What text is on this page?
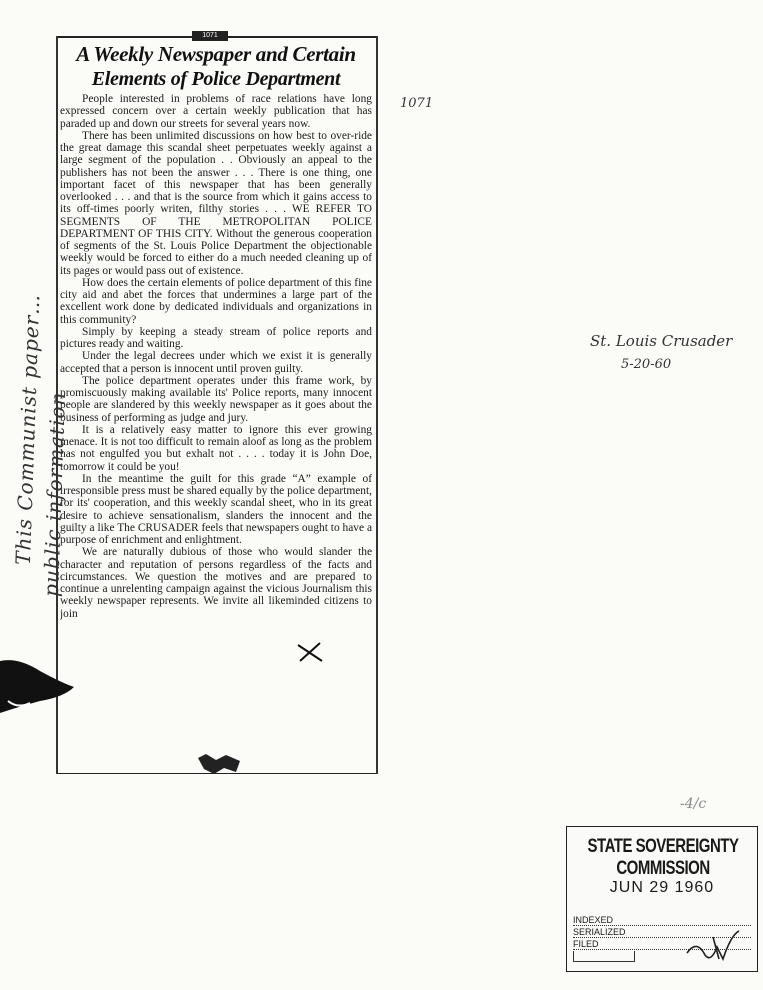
1071
A Weekly Newspaper and Certain
Elements of Police Department

People interested in problems of race relations have long expressed concern over a certain weekly publication that has paraded up and down our streets for several years now.

There has been unlimited discussions on how best to over-ride the great damage this scandal sheet perpetuates weekly against a large segment of the population . . Obviously an appeal to the publishers has not been the answer . . . There is one thing, one important facet of this newspaper that has been generally overlooked . . . and that is the source from which it gains access to its off-times poorly writen, filthy stories . . . WE REFER TO SEGMENTS OF THE METROPOLITAN POLICE DEPARTMENT OF THIS CITY. Without the generous cooperation of segments of the St. Louis Police Department the objectionable weekly would be forced to either do a much needed cleaning up of its pages or would pass out of existence.

How does the certain elements of police department of this fine city aid and abet the forces that undermines a large part of the excellent work done by dedicated individuals and organizations in this community?

Simply by keeping a steady stream of police reports and pictures ready and waiting.

Under the legal decrees under which we exist it is generally accepted that a person is innocent until proven guilty.

The police department operates under this frame work, by promiscuously making available its' Police reports, many innocent people are slandered by this weekly newspaper as it goes about the business of performing as judge and jury.

It is a relatively easy matter to ignore this ever growing menace. It is not too difficult to remain aloof as long as the problem has not engulfed you but exhalt not . . . . today it is John Doe, tomorrow it could be you!

In the meantime the guilt for this grade “A” example of irresponsible press must be shared equally by the police department, for its' cooperation, and this weekly scandal sheet, who in its great desire to achieve sensationalism, slanders the innocent and the guilty a like The CRUSADER feels that newspapers ought to have a purpose of enrichment and enlightment.

We are naturally dubious of those who would slander the character and reputation of persons regardless of the facts and circumstances. We question the motives and are prepared to continue a unrelenting campaign against the vicious Journalism this weekly newspaper represents. We invite all likeminded citizens to join

This Communist paper…
public information
1071
St. Louis Crusader
5-20-60
-4/c
STATE SOVEREIGNTY COMMISSION
JUN 29 1960
INDEXED
SERIALIZED
FILED
